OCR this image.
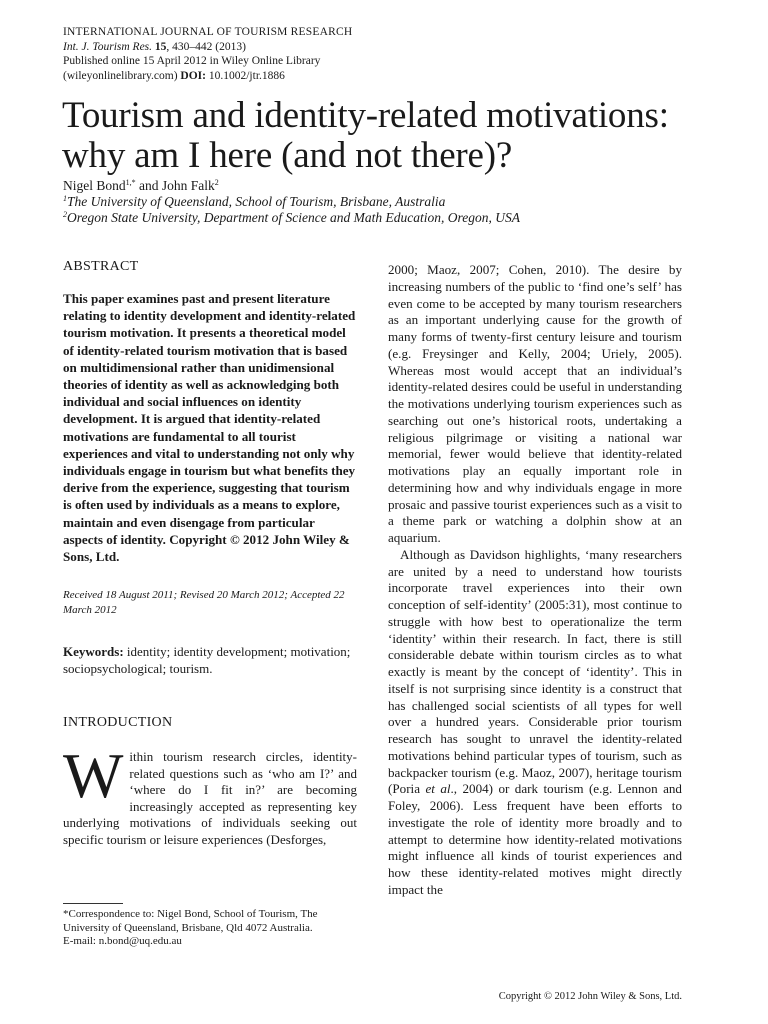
INTERNATIONAL JOURNAL OF TOURISM RESEARCH
Int. J. Tourism Res. 15, 430–442 (2013)
Published online 15 April 2012 in Wiley Online Library
(wileyonlinelibrary.com) DOI: 10.1002/jtr.1886
Tourism and identity-related motivations:
why am I here (and not there)?
Nigel Bond$^{1,*}$ and John Falk$^2$
$^1$The University of Queensland, School of Tourism, Brisbane, Australia
$^2$Oregon State University, Department of Science and Math Education, Oregon, USA
ABSTRACT
This paper examines past and present literature relating to identity development and identity-related tourism motivation. It presents a theoretical model of identity-related tourism motivation that is based on multidimensional rather than unidimensional theories of identity as well as acknowledging both individual and social influences on identity development. It is argued that identity-related motivations are fundamental to all tourist experiences and vital to understanding not only why individuals engage in tourism but what benefits they derive from the experience, suggesting that tourism is often used by individuals as a means to explore, maintain and even disengage from particular aspects of identity. Copyright © 2012 John Wiley & Sons, Ltd.
Received 18 August 2011; Revised 20 March 2012; Accepted 22 March 2012
Keywords: identity; identity development; motivation; sociopsychological; tourism.
INTRODUCTION
Within tourism research circles, identity-related questions such as ‘who am I?’ and ‘where do I fit in?’ are becoming increasingly accepted as representing key underlying motivations of individuals seeking out specific tourism or leisure experiences (Desforges,
*Correspondence to: Nigel Bond, School of Tourism, The University of Queensland, Brisbane, Qld 4072 Australia.
E-mail: n.bond@uq.edu.au

2000; Maoz, 2007; Cohen, 2010). The desire by increasing numbers of the public to ‘find one’s self’ has even come to be accepted by many tourism researchers as an important underlying cause for the growth of many forms of twenty-first century leisure and tourism (e.g. Freysinger and Kelly, 2004; Uriely, 2005). Whereas most would accept that an individual’s identity-related desires could be useful in understanding the motivations underlying tourism experiences such as searching out one’s historical roots, undertaking a religious pilgrimage or visiting a national war memorial, fewer would believe that identity-related motivations play an equally important role in determining how and why individuals engage in more prosaic and passive tourist experiences such as a visit to a theme park or watching a dolphin show at an aquarium.

Although as Davidson highlights, ‘many researchers are united by a need to understand how tourists incorporate travel experiences into their own conception of self-identity’ (2005:31), most continue to struggle with how best to operationalize the term ‘identity’ within their research. In fact, there is still considerable debate within tourism circles as to what exactly is meant by the concept of ‘identity’. This in itself is not surprising since identity is a construct that has challenged social scientists of all types for well over a hundred years. Considerable prior tourism research has sought to unravel the identity-related motivations behind particular types of tourism, such as backpacker tourism (e.g. Maoz, 2007), heritage tourism (Poria et al., 2004) or dark tourism (e.g. Lennon and Foley, 2006). Less frequent have been efforts to investigate the role of identity more broadly and to attempt to determine how identity-related motivations might influence all kinds of tourist experiences and how these identity-related motives might directly impact the

Copyright © 2012 John Wiley & Sons, Ltd.
